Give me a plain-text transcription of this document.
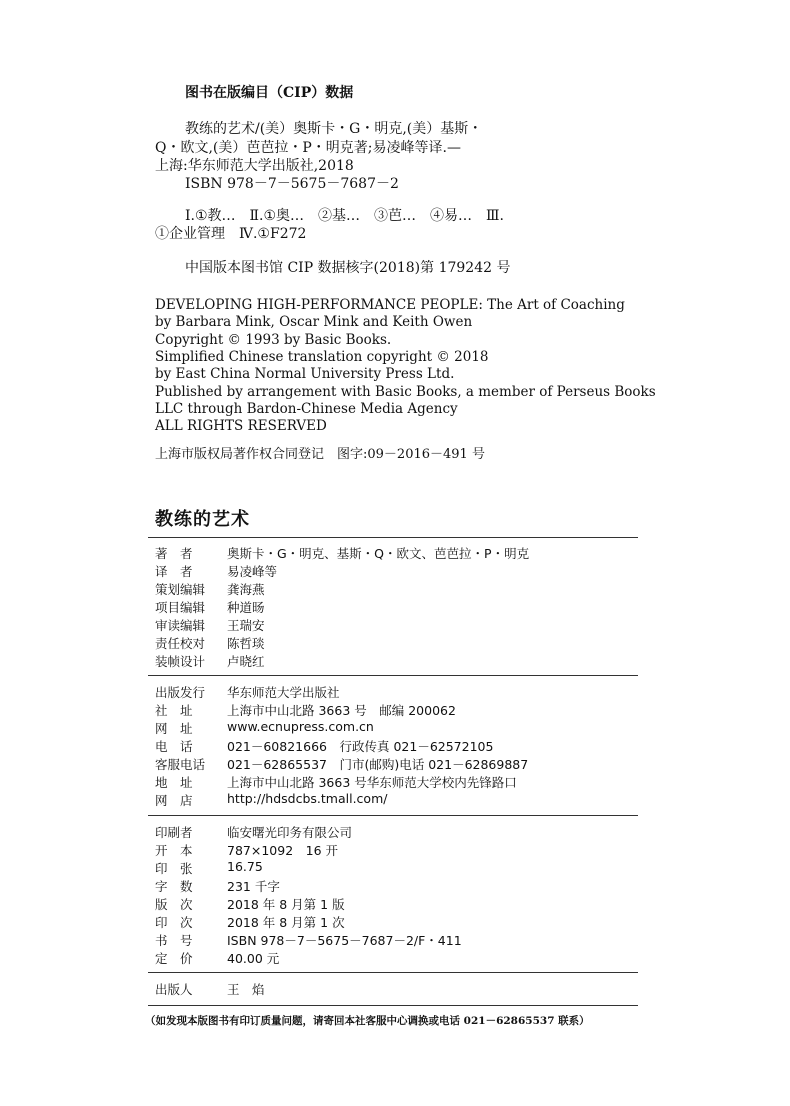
图书在版编目（CIP）数据
教练的艺术/(美）奥斯卡・G・明克,(美）基斯・
Q・欧文,(美）芭芭拉・P・明克著;易凌峰等译.—
上海:华东师范大学出版社,2018
ISBN 978－7－5675－7687－2
Ⅰ.①教…　Ⅱ.①奥…　②基…　③芭…　④易…　Ⅲ.
①企业管理　Ⅳ.①F272
中国版本图书馆 CIP 数据核字(2018)第 179242 号
DEVELOPING HIGH-PERFORMANCE PEOPLE: The Art of Coaching
by Barbara Mink, Oscar Mink and Keith Owen
Copyright © 1993 by Basic Books.
Simplified Chinese translation copyright © 2018
by East China Normal University Press Ltd.
Published by arrangement with Basic Books, a member of Perseus Books
LLC through Bardon-Chinese Media Agency
ALL RIGHTS RESERVED
上海市版权局著作权合同登记　图字:09－2016－491 号
教练的艺术
著　者	奥斯卡・G・明克、基斯・Q・欧文、芭芭拉・P・明克
译　者	易凌峰等
策划编辑	龚海燕
项目编辑	种道旸
审读编辑	王瑞安
责任校对	陈哲琰
装帧设计	卢晓红
出版发行	华东师范大学出版社
社　址	上海市中山北路 3663 号　邮编 200062
网　址	www.ecnupress.com.cn
电　话	021－60821666　行政传真 021－62572105
客服电话	021－62865537　门市(邮购)电话 021－62869887
地　址	上海市中山北路 3663 号华东师范大学校内先锋路口
网　店	http://hdsdcbs.tmall.com/
印刷者	临安曙光印务有限公司
开　本	787×1092　16 开
印　张	16.75
字　数	231 千字
版　次	2018 年 8 月第 1 版
印　次	2018 年 8 月第 1 次
书　号	ISBN 978－7－5675－7687－2/F・411
定　价	40.00 元
出版人	王　焰
（如发现本版图书有印订质量问题，请寄回本社客服中心调换或电话 021－62865537 联系）
